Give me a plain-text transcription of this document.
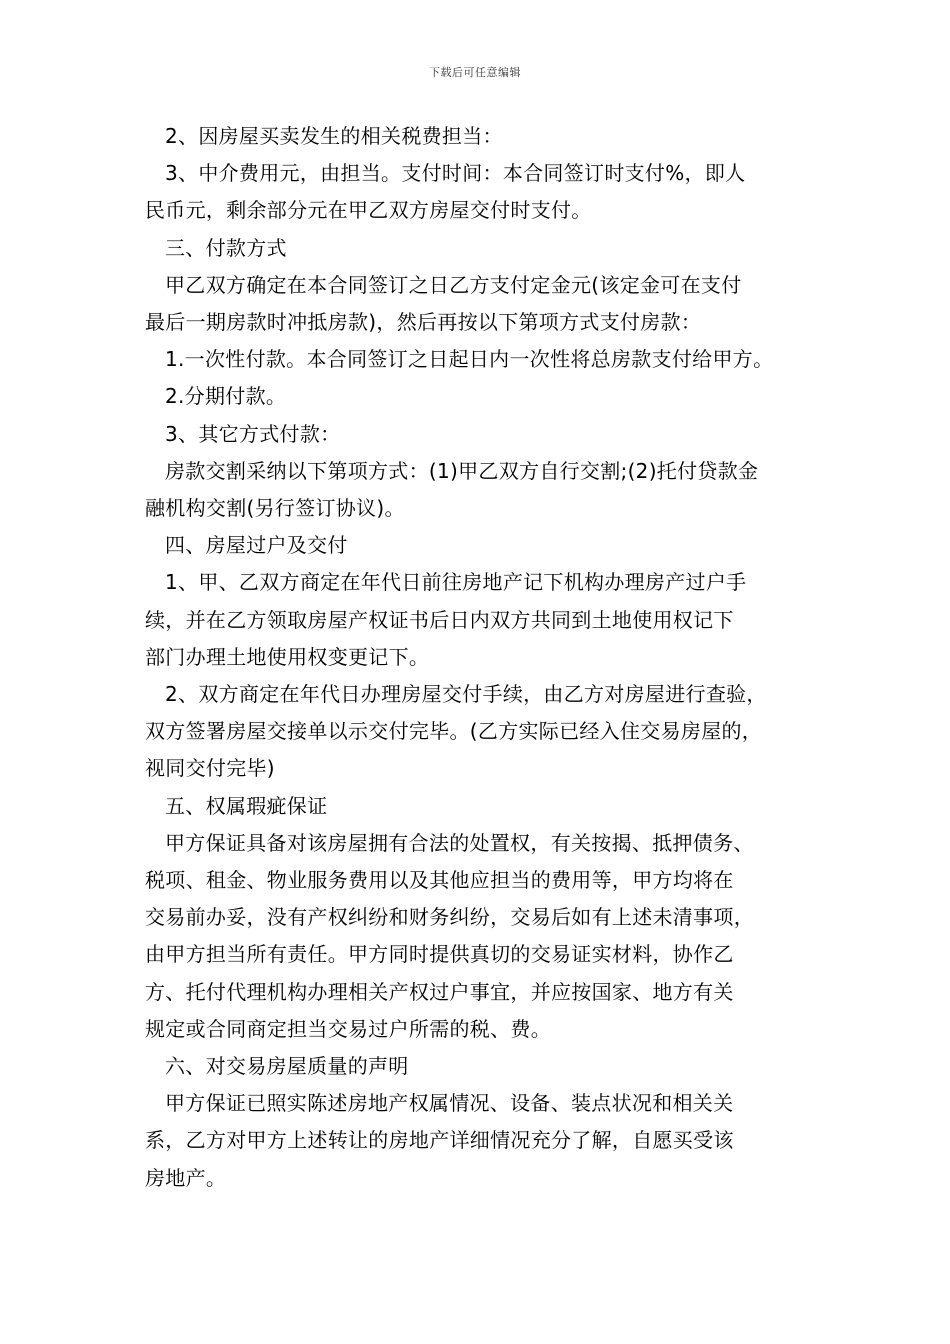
下载后可任意编辑
2、因房屋买卖发生的相关税费担当：
3、中介费用元，由担当。支付时间：本合同签订时支付%，即人
民币元，剩余部分元在甲乙双方房屋交付时支付。
三、付款方式
甲乙双方确定在本合同签订之日乙方支付定金元(该定金可在支付
最后一期房款时冲抵房款)，然后再按以下第项方式支付房款：
1.一次性付款。本合同签订之日起日内一次性将总房款支付给甲方。
2.分期付款。
3、其它方式付款：
房款交割采纳以下第项方式：(1)甲乙双方自行交割;(2)托付贷款金
融机构交割(另行签订协议)。
四、房屋过户及交付
1、甲、乙双方商定在年代日前往房地产记下机构办理房产过户手
续，并在乙方领取房屋产权证书后日内双方共同到土地使用权记下
部门办理土地使用权变更记下。
2、双方商定在年代日办理房屋交付手续，由乙方对房屋进行查验，
双方签署房屋交接单以示交付完毕。(乙方实际已经入住交易房屋的，
视同交付完毕)
五、权属瑕疵保证
甲方保证具备对该房屋拥有合法的处置权，有关按揭、抵押债务、
税项、租金、物业服务费用以及其他应担当的费用等，甲方均将在
交易前办妥，没有产权纠纷和财务纠纷，交易后如有上述未清事项，
由甲方担当所有责任。甲方同时提供真切的交易证实材料，协作乙
方、托付代理机构办理相关产权过户事宜，并应按国家、地方有关
规定或合同商定担当交易过户所需的税、费。
六、对交易房屋质量的声明
甲方保证已照实陈述房地产权属情况、设备、装点状况和相关关
系，乙方对甲方上述转让的房地产详细情况充分了解，自愿买受该
房地产。
